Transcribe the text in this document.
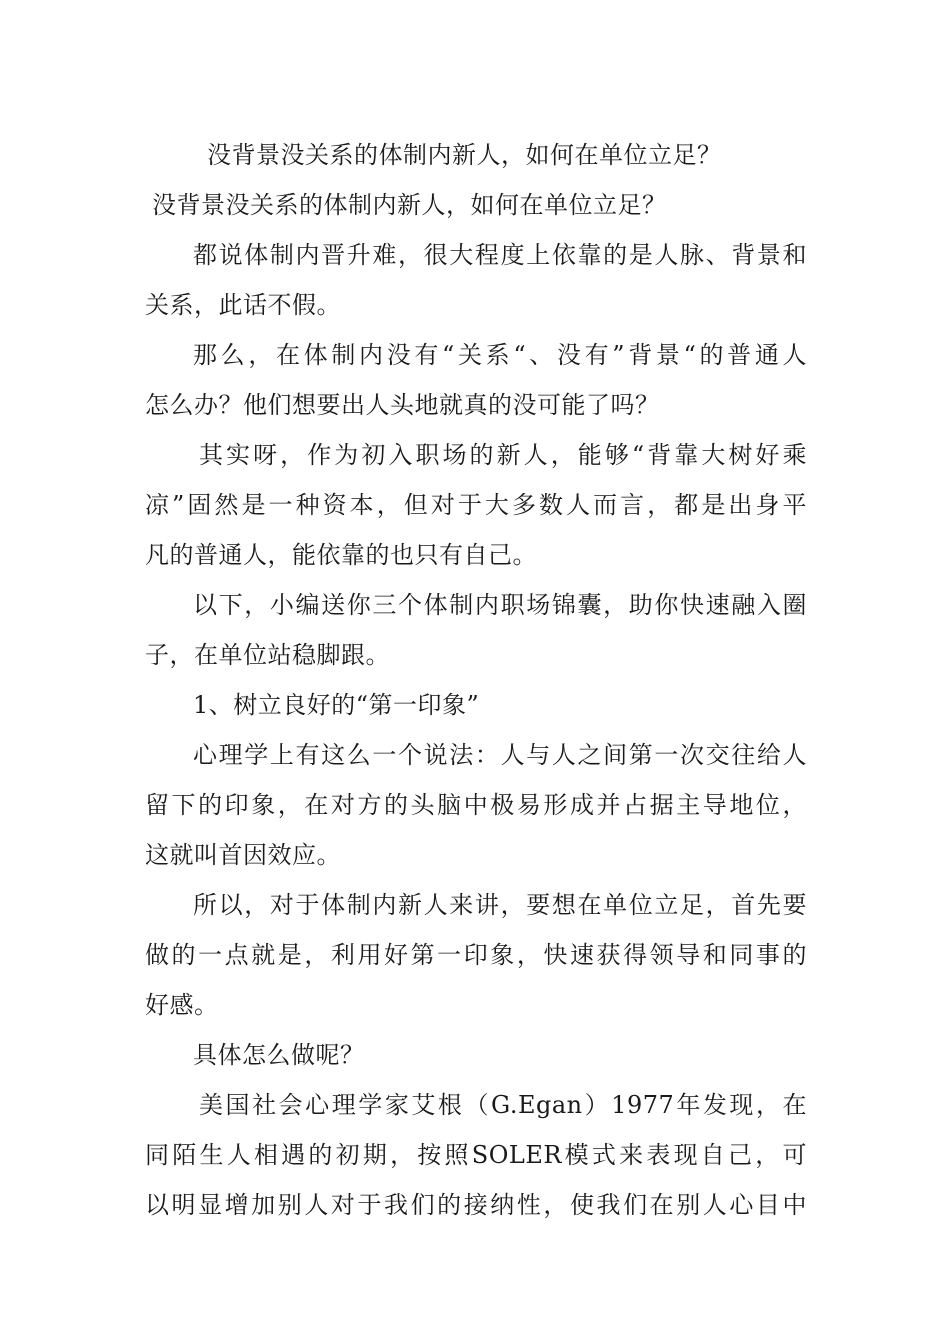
没背景没关系的体制内新人，如何在单位立足？
没背景没关系的体制内新人，如何在单位立足？
都说体制内晋升难，很大程度上依靠的是人脉、背景和
关系，此话不假。
那么，在体制内没有“关系“、没有”背景“的普通人
怎么办？他们想要出人头地就真的没可能了吗？
其实呀，作为初入职场的新人，能够“背靠大树好乘
凉”固然是一种资本，但对于大多数人而言，都是出身平
凡的普通人，能依靠的也只有自己。
以下，小编送你三个体制内职场锦囊，助你快速融入圈
子，在单位站稳脚跟。
1、树立良好的“第一印象”
心理学上有这么一个说法：人与人之间第一次交往给人
留下的印象，在对方的头脑中极易形成并占据主导地位，
这就叫首因效应。
所以，对于体制内新人来讲，要想在单位立足，首先要
做的一点就是，利用好第一印象，快速获得领导和同事的
好感。
具体怎么做呢？
美国社会心理学家艾根（G.Egan）1977年发现，在
同陌生人相遇的初期，按照SOLER模式来表现自己，可
以明显增加别人对于我们的接纳性，使我们在别人心目中
